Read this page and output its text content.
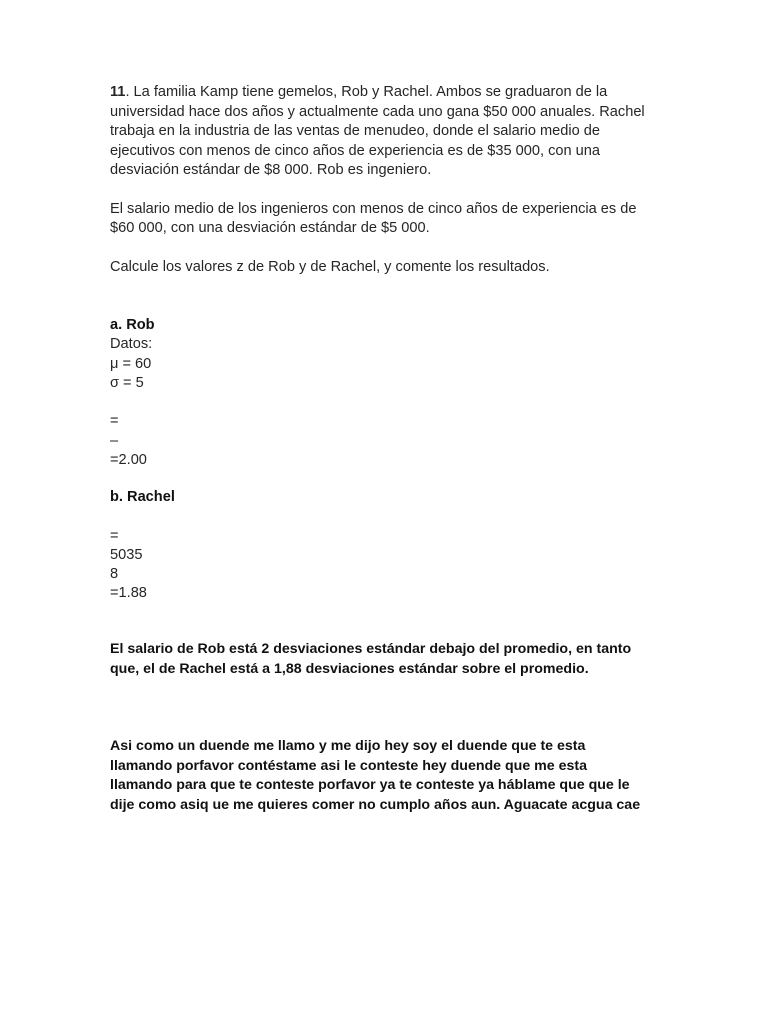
11. La familia Kamp tiene gemelos, Rob y Rachel. Ambos se graduaron de la universidad hace dos años y actualmente cada uno gana $50 000 anuales. Rachel trabaja en la industria de las ventas de menudeo, donde el salario medio de ejecutivos con menos de cinco años de experiencia es de $35 000, con una desviación estándar de $8 000. Rob es ingeniero.

El salario medio de los ingenieros con menos de cinco años de experiencia es de $60 000, con una desviación estándar de $5 000.

Calcule los valores z de Rob y de Rachel, y comente los resultados.

a. Rob
Datos:
μ = 60
σ = 5

=
–
=2.00
b. Rachel

=
5035
8
=1.88
El salario de Rob está 2 desviaciones estándar debajo del promedio, en tanto que, el de Rachel está a 1,88 desviaciones estándar sobre el promedio.
Asi como un duende me llamo y me dijo hey soy el duende que te esta llamando porfavor contéstame asi le conteste hey duende que me esta llamando para que te conteste porfavor ya te conteste ya háblame que que le dije como asiq ue me quieres comer no cumplo años aun. Aguacate acgua cae
